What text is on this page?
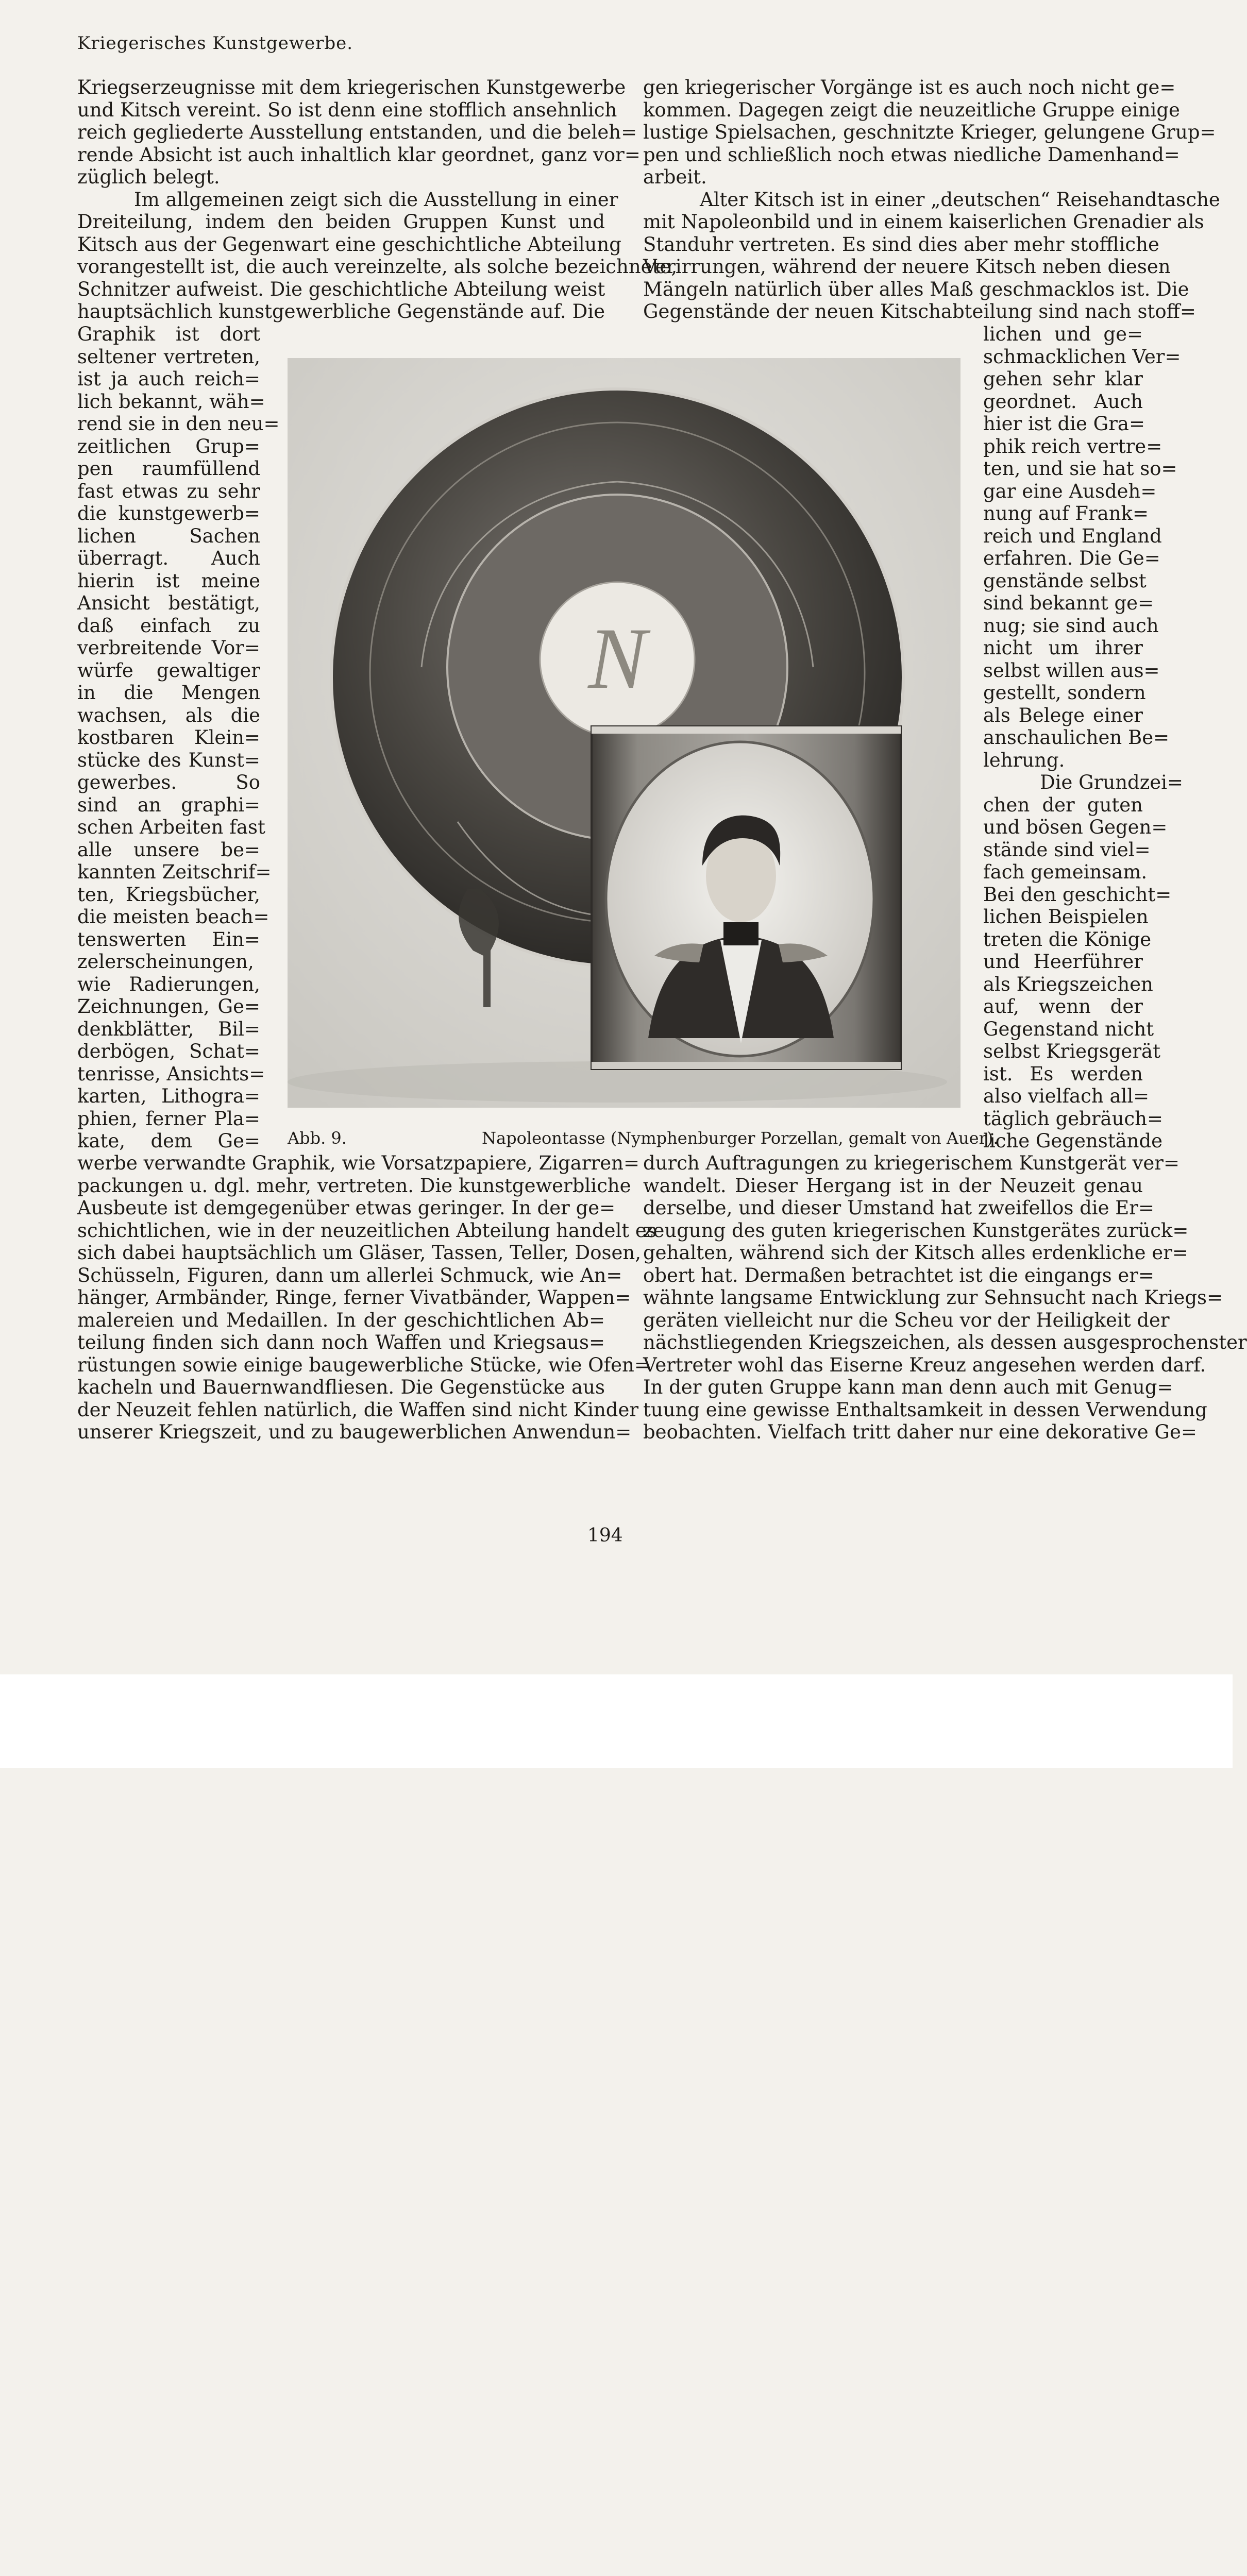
Kriegerisches Kunstgewerbe.
Kriegserzeugnisse mit dem kriegerischen Kunstgewerbe
und Kitsch vereint. So ist denn eine stofflich ansehnlich
reich gegliederte Ausstellung entstanden, und die beleh=
rende Absicht ist auch inhaltlich klar geordnet, ganz vor=
züglich belegt.
Im allgemeinen zeigt sich die Ausstellung in einer
Dreiteilung, indem den beiden Gruppen Kunst und
Kitsch aus der Gegenwart eine geschichtliche Abteilung
vorangestellt ist, die auch vereinzelte, als solche bezeichnete,
Schnitzer aufweist. Die geschichtliche Abteilung weist
hauptsächlich kunstgewerbliche Gegenstände auf. Die
Graphik ist dort
seltener vertreten,
ist ja auch reich=
lich bekannt, wäh=
rend sie in den neu=
zeitlichen Grup=
pen raumfüllend
fast etwas zu sehr
die kunstgewerb=
lichen Sachen
überragt. Auch
hierin ist meine
Ansicht bestätigt,
daß einfach zu
verbreitende Vor=
würfe gewaltiger
in die Mengen
wachsen, als die
kostbaren Klein=
stücke des Kunst=
gewerbes. So
sind an graphi=
schen Arbeiten fast
alle unsere be=
kannten Zeitschrif=
ten, Kriegsbücher,
die meisten beach=
tenswerten Ein=
zelerscheinungen,
wie Radierungen,
Zeichnungen, Ge=
denkblätter, Bil=
derbögen, Schat=
tenrisse, Ansichts=
karten, Lithogra=
phien, ferner Pla=
kate, dem Ge=
werbe verwandte Graphik, wie Vorsatzpapiere, Zigarren=
packungen u. dgl. mehr, vertreten. Die kunstgewerbliche
Ausbeute ist demgegenüber etwas geringer. In der ge=
schichtlichen, wie in der neuzeitlichen Abteilung handelt es
sich dabei hauptsächlich um Gläser, Tassen, Teller, Dosen,
Schüsseln, Figuren, dann um allerlei Schmuck, wie An=
hänger, Armbänder, Ringe, ferner Vivatbänder, Wappen=
malereien und Medaillen. In der geschichtlichen Ab=
teilung finden sich dann noch Waffen und Kriegsaus=
rüstungen sowie einige baugewerbliche Stücke, wie Ofen=
kacheln und Bauernwandfliesen. Die Gegenstücke aus
der Neuzeit fehlen natürlich, die Waffen sind nicht Kinder
unserer Kriegszeit, und zu baugewerblichen Anwendun=
gen kriegerischer Vorgänge ist es auch noch nicht ge=
kommen. Dagegen zeigt die neuzeitliche Gruppe einige
lustige Spielsachen, geschnitzte Krieger, gelungene Grup=
pen und schließlich noch etwas niedliche Damenhand=
arbeit.
Alter Kitsch ist in einer „deutschen“ Reisehandtasche
mit Napoleonbild und in einem kaiserlichen Grenadier als
Standuhr vertreten. Es sind dies aber mehr stoffliche
Verirrungen, während der neuere Kitsch neben diesen
Mängeln natürlich über alles Maß geschmacklos ist. Die
Gegenstände der neuen Kitschabteilung sind nach stoff=
lichen und ge=
schmacklichen Ver=
gehen sehr klar
geordnet. Auch
hier ist die Gra=
phik reich vertre=
ten, und sie hat so=
gar eine Ausdeh=
nung auf Frank=
reich und England
erfahren. Die Ge=
genstände selbst
sind bekannt ge=
nug; sie sind auch
nicht um ihrer
selbst willen aus=
gestellt, sondern
als Belege einer
anschaulichen Be=
lehrung.
Die Grundzei=
chen der guten
und bösen Gegen=
stände sind viel=
fach gemeinsam.
Bei den geschicht=
lichen Beispielen
treten die Könige
und Heerführer
als Kriegszeichen
auf, wenn der
Gegenstand nicht
selbst Kriegsgerät
ist. Es werden
also vielfach all=
täglich gebräuch=
liche Gegenstände
durch Auftragungen zu kriegerischem Kunstgerät ver=
wandelt. Dieser Hergang ist in der Neuzeit genau
derselbe, und dieser Umstand hat zweifellos die Er=
zeugung des guten kriegerischen Kunstgerätes zurück=
gehalten, während sich der Kitsch alles erdenkliche er=
obert hat. Dermaßen betrachtet ist die eingangs er=
wähnte langsame Entwicklung zur Sehnsucht nach Kriegs=
geräten vielleicht nur die Scheu vor der Heiligkeit der
nächstliegenden Kriegszeichen, als dessen ausgesprochenster
Vertreter wohl das Eiserne Kreuz angesehen werden darf.
In der guten Gruppe kann man denn auch mit Genug=
tuung eine gewisse Enthaltsamkeit in dessen Verwendung
beobachten. Vielfach tritt daher nur eine dekorative Ge=
N
Abb. 9.	Napoleontasse (Nymphenburger Porzellan, gemalt von Auer).
194
